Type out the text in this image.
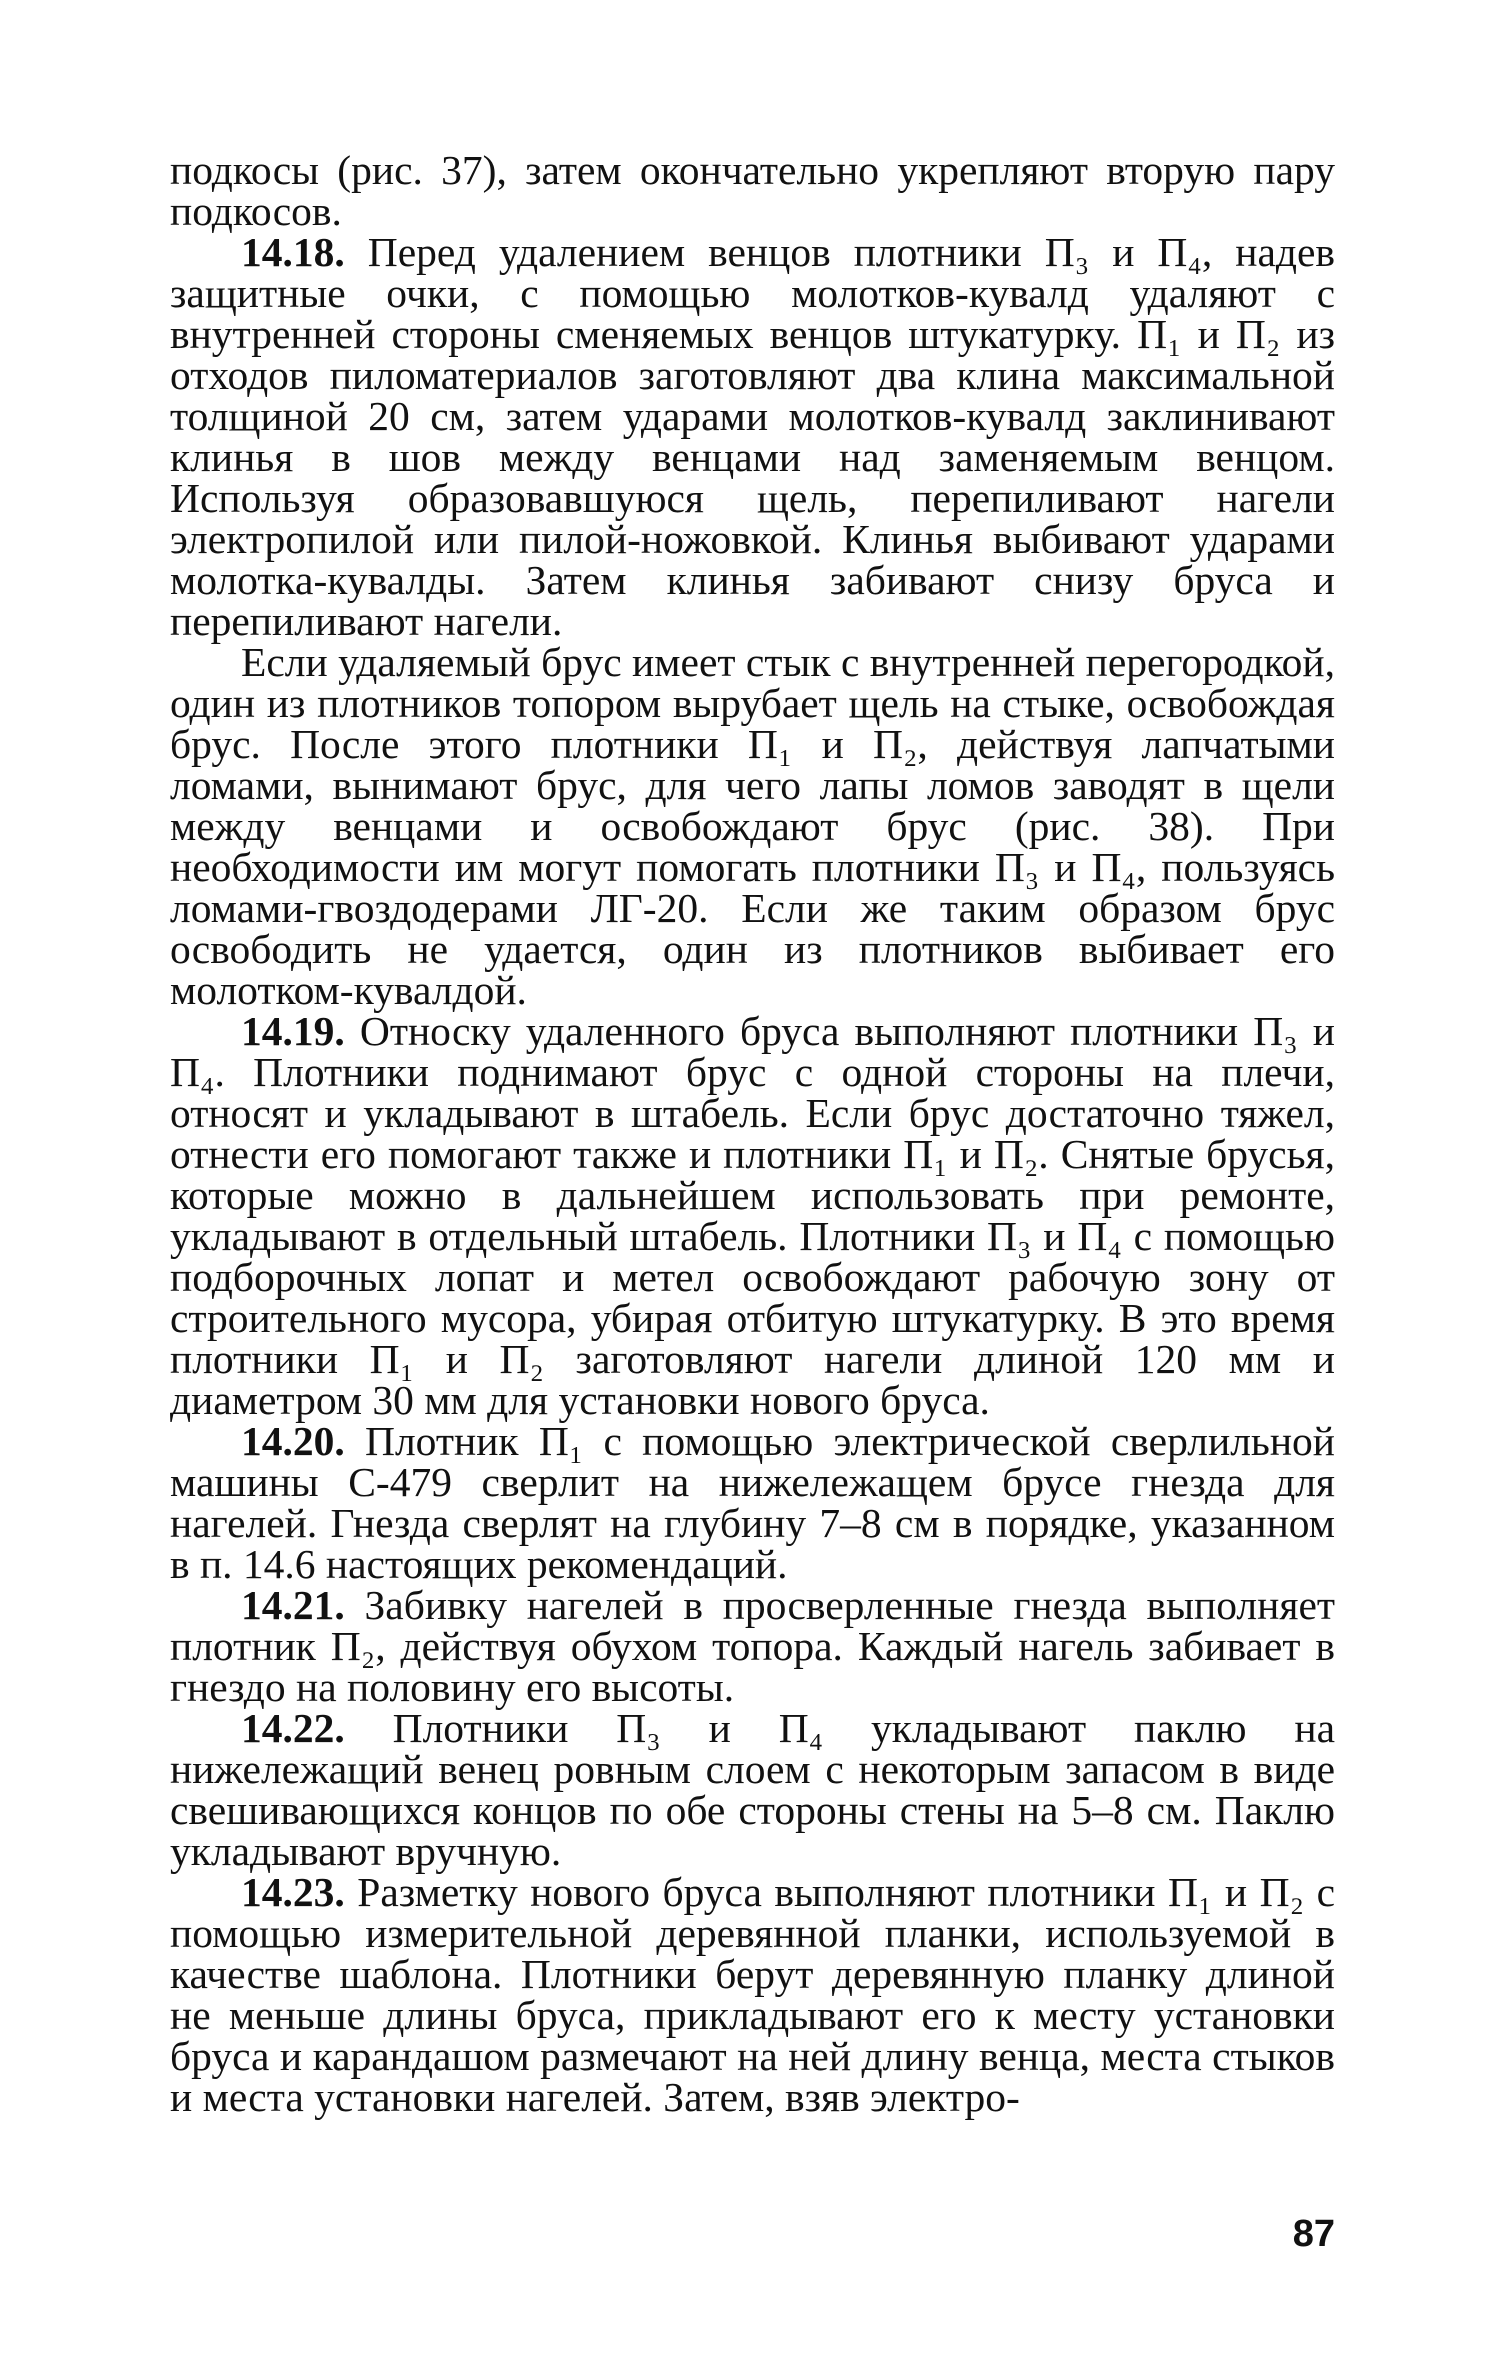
подкосы (рис. 37), затем окончательно укрепляют вторую пару подкосов.

14.18. Перед удалением венцов плотники П₃ и П₄, надев защитные очки, с помощью молотков-кувалд удаляют с внутренней стороны сменяемых венцов штукатурку. П₁ и П₂ из отходов пиломатериалов заготовляют два клина максимальной толщиной 20 см, затем ударами молотков-кувалд заклинивают клинья в шов между венцами над заменяемым венцом. Используя образовавшуюся щель, перепиливают нагели электропилой или пилой-ножовкой. Клинья выбивают ударами молотка-кувалды. Затем клинья забивают снизу бруса и перепиливают нагели.

Если удаляемый брус имеет стык с внутренней перегородкой, один из плотников топором вырубает щель на стыке, освобождая брус. После этого плотники П₁ и П₂, действуя лапчатыми ломами, вынимают брус, для чего лапы ломов заводят в щели между венцами и освобождают брус (рис. 38). При необходимости им могут помогать плотники П₃ и П₄, пользуясь ломами-гвоздодерами ЛГ-20. Если же таким образом брус освободить не удается, один из плотников выбивает его молотком-кувалдой.

14.19. Относку удаленного бруса выполняют плотники П₃ и П₄. Плотники поднимают брус с одной стороны на плечи, относят и укладывают в штабель. Если брус достаточно тяжел, отнести его помогают также и плотники П₁ и П₂. Снятые брусья, которые можно в дальнейшем использовать при ремонте, укладывают в отдельный штабель. Плотники П₃ и П₄ с помощью подборочных лопат и метел освобождают рабочую зону от строительного мусора, убирая отбитую штукатурку. В это время плотники П₁ и П₂ заготовляют нагели длиной 120 мм и диаметром 30 мм для установки нового бруса.

14.20. Плотник П₁ с помощью электрической сверлильной машины С-479 сверлит на нижележащем брусе гнезда для нагелей. Гнезда сверлят на глубину 7–8 см в порядке, указанном в п. 14.6 настоящих рекомендаций.

14.21. Забивку нагелей в просверленные гнезда выполняет плотник П₂, действуя обухом топора. Каждый нагель забивает в гнездо на половину его высоты.

14.22. Плотники П₃ и П₄ укладывают паклю на нижележащий венец ровным слоем с некоторым запасом в виде свешивающихся концов по обе стороны стены на 5–8 см. Паклю укладывают вручную.

14.23. Разметку нового бруса выполняют плотники П₁ и П₂ с помощью измерительной деревянной планки, используемой в качестве шаблона. Плотники берут деревянную планку длиной не меньше длины бруса, прикладывают его к месту установки бруса и карандашом размечают на ней длину венца, места стыков и места установки нагелей. Затем, взяв электро-

87
